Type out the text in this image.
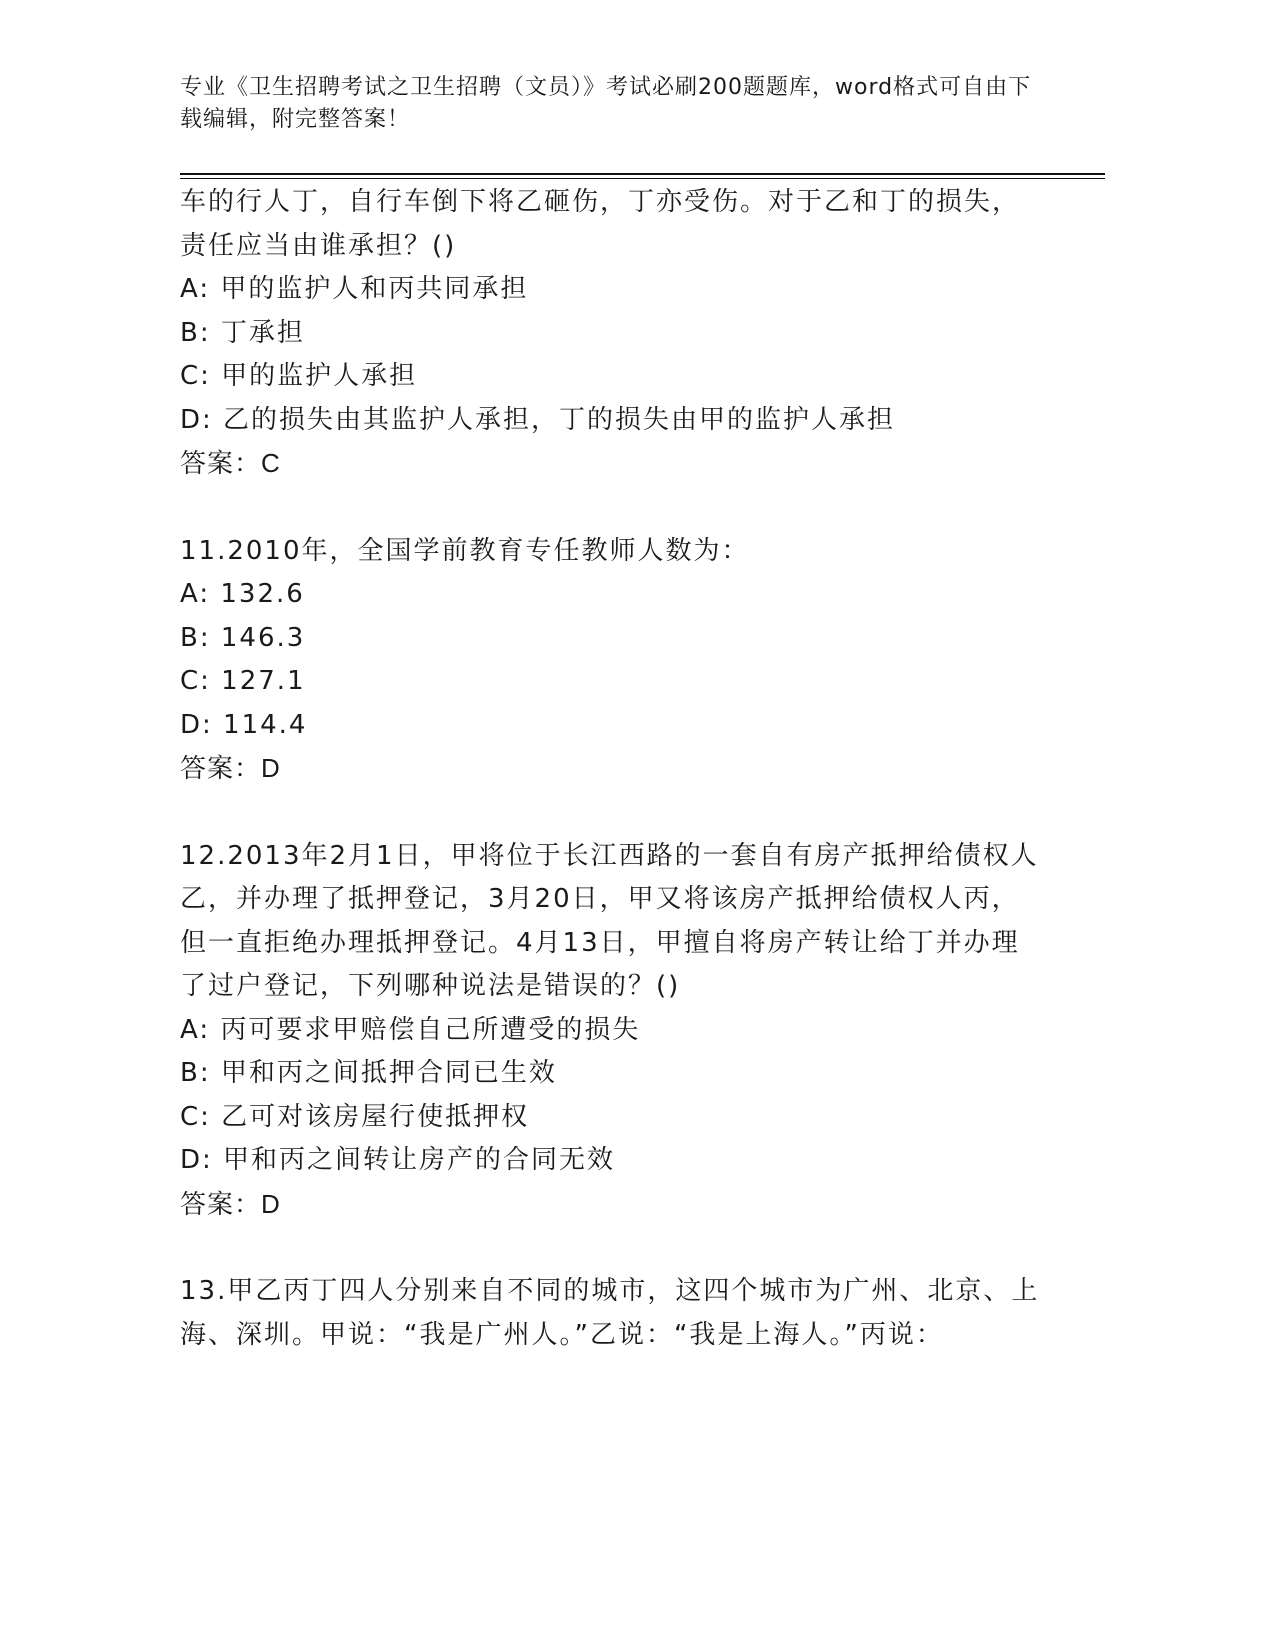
专业《卫生招聘考试之卫生招聘（文员）》考试必刷200题题库，word格式可自由下载编辑，附完整答案！
车的行人丁，自行车倒下将乙砸伤，丁亦受伤。对于乙和丁的损失，
责任应当由谁承担？()
A: 甲的监护人和丙共同承担
B: 丁承担
C: 甲的监护人承担
D: 乙的损失由其监护人承担，丁的损失由甲的监护人承担
答案：C
11.2010年，全国学前教育专任教师人数为：
A: 132.6
B: 146.3
C: 127.1
D: 114.4
答案：D
12.2013年2月1日，甲将位于长江西路的一套自有房产抵押给债权人
乙，并办理了抵押登记，3月20日，甲又将该房产抵押给债权人丙，
但一直拒绝办理抵押登记。4月13日，甲擅自将房产转让给丁并办理
了过户登记，下列哪种说法是错误的？()
A: 丙可要求甲赔偿自己所遭受的损失
B: 甲和丙之间抵押合同已生效
C: 乙可对该房屋行使抵押权
D: 甲和丙之间转让房产的合同无效
答案：D
13.甲乙丙丁四人分别来自不同的城市，这四个城市为广州、北京、上
海、深圳。甲说：“我是广州人。”乙说：“我是上海人。”丙说：
